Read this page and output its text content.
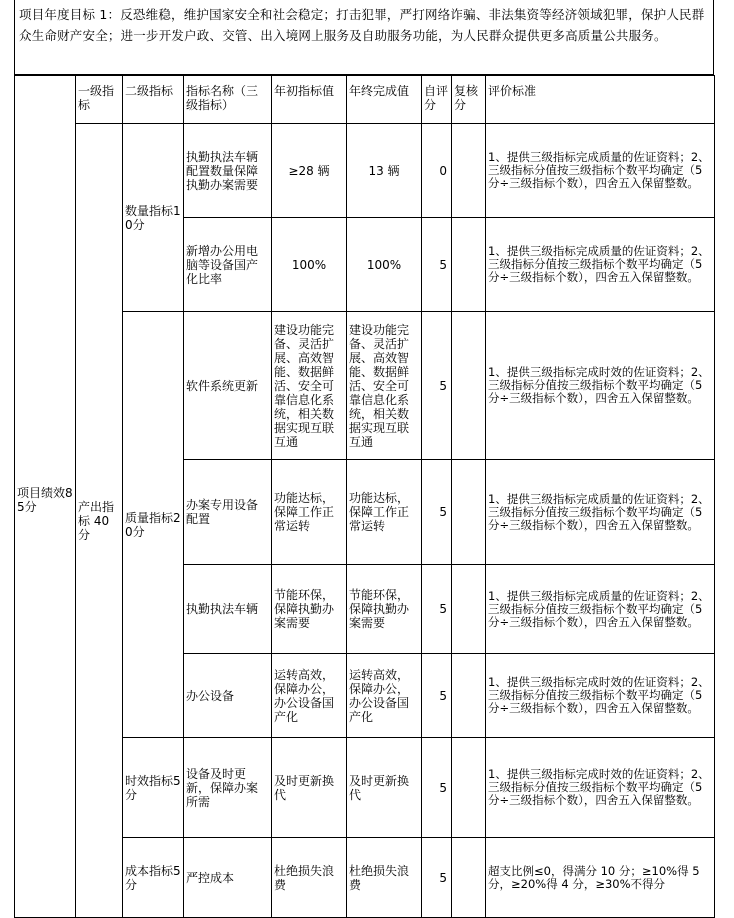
项目年度目标 1：反恐维稳，维护国家安全和社会稳定；打击犯罪，严打网络诈骗、非法集资等经济领域犯罪，保护人民群众生命财产安全；进一步开发户政、交管、出入境网上服务及自助服务功能，为人民群众提供更多高质量公共服务。
项目绩效85分	一级指标	二级指标	指标名称（三级指标）	年初指标值	年终完成值	自评分	复核分	评价标准
	产出指标 40分	数量指标10分	执勤执法车辆配置数量保障执勤办案需要	≥28 辆	13 辆	0		1、提供三级指标完成质量的佐证资料；2、三级指标分值按三级指标个数平均确定（5分÷三级指标个数），四舍五入保留整数。
			新增办公用电脑等设备国产化比率	100%	100%	5		1、提供三级指标完成质量的佐证资料；2、三级指标分值按三级指标个数平均确定（5分÷三级指标个数），四舍五入保留整数。
		质量指标20分	软件系统更新	建设功能完备、灵活扩展、高效智能、数据鲜活、安全可靠信息化系统，相关数据实现互联互通	建设功能完备、灵活扩展、高效智能、数据鲜活、安全可靠信息化系统，相关数据实现互联互通	5		1、提供三级指标完成时效的佐证资料；2、三级指标分值按三级指标个数平均确定（5分÷三级指标个数），四舍五入保留整数。
			办案专用设备配置	功能达标，保障工作正常运转	功能达标，保障工作正常运转	5		1、提供三级指标完成质量的佐证资料；2、三级指标分值按三级指标个数平均确定（5分÷三级指标个数），四舍五入保留整数。
			执勤执法车辆	节能环保，保障执勤办案需要	节能环保，保障执勤办案需要	5		1、提供三级指标完成质量的佐证资料；2、三级指标分值按三级指标个数平均确定（5分÷三级指标个数），四舍五入保留整数。
			办公设备	运转高效，保障办公，办公设备国产化	运转高效，保障办公，办公设备国产化	5		1、提供三级指标完成时效的佐证资料；2、三级指标分值按三级指标个数平均确定（5分÷三级指标个数），四舍五入保留整数。
		时效指标5分	设备及时更新，保障办案所需	及时更新换代	及时更新换代	5		1、提供三级指标完成时效的佐证资料；2、三级指标分值按三级指标个数平均确定（5分÷三级指标个数），四舍五入保留整数。
		成本指标5分	严控成本	杜绝损失浪费	杜绝损失浪费	5		超支比例≤0，得满分 10 分；≥10%得 5 分，≥20%得 4 分，≥30%不得分
